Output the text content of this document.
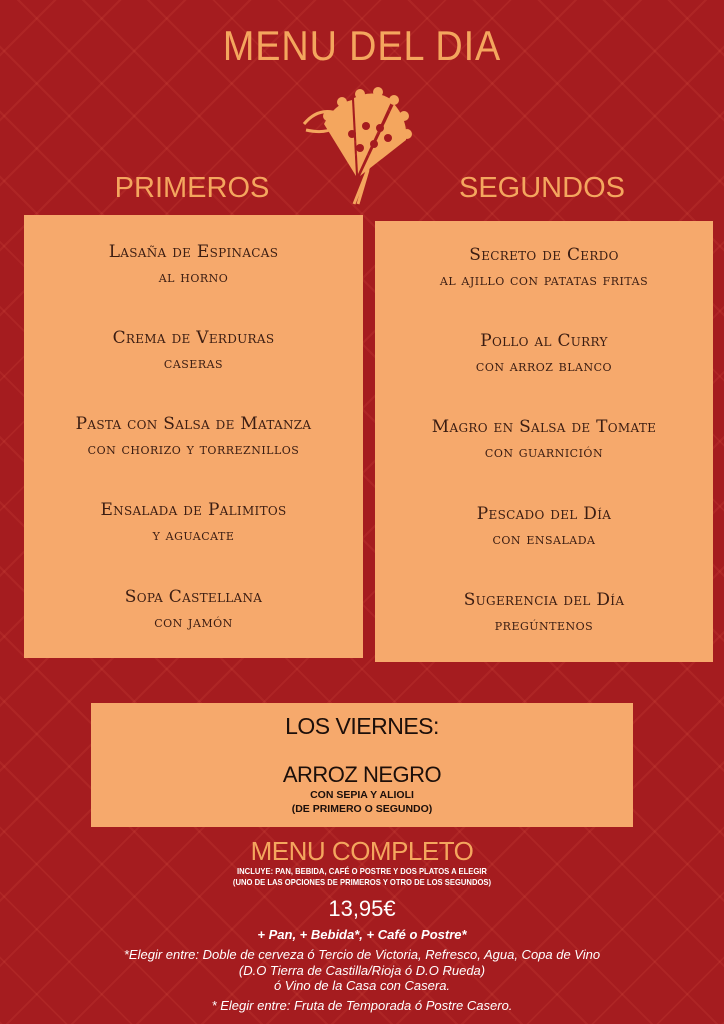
MENU DEL DIA
PRIMEROS	SEGUNDOS
Lasaña de Espinacas
al horno
Crema de Verduras
caseras
Pasta con Salsa de Matanza
con chorizo y torreznillos
Ensalada de Palimitos
y aguacate
Sopa Castellana
con jamón
Secreto de Cerdo
al ajillo con patatas fritas
Pollo al Curry
con arroz blanco
Magro en Salsa de Tomate
con guarnición
Pescado del Día
con ensalada
Sugerencia del Día
pregúntenos
LOS VIERNES:
ARROZ NEGRO
CON SEPIA Y ALIOLI
(DE PRIMERO O SEGUNDO)
MENU COMPLETO
INCLUYE: PAN, BEBIDA, CAFÉ O POSTRE Y DOS PLATOS A ELEGIR
(UNO DE LAS OPCIONES DE PRIMEROS Y OTRO DE LOS SEGUNDOS)
13,95€
+ Pan, + Bebida*, + Café o Postre*
*Elegir entre: Doble de cerveza ó Tercio de Victoria, Refresco, Agua, Copa de Vino
(D.O Tierra de Castilla/Rioja ó D.O Rueda)
ó Vino de la Casa con Casera.
* Elegir entre: Fruta de Temporada ó Postre Casero.
